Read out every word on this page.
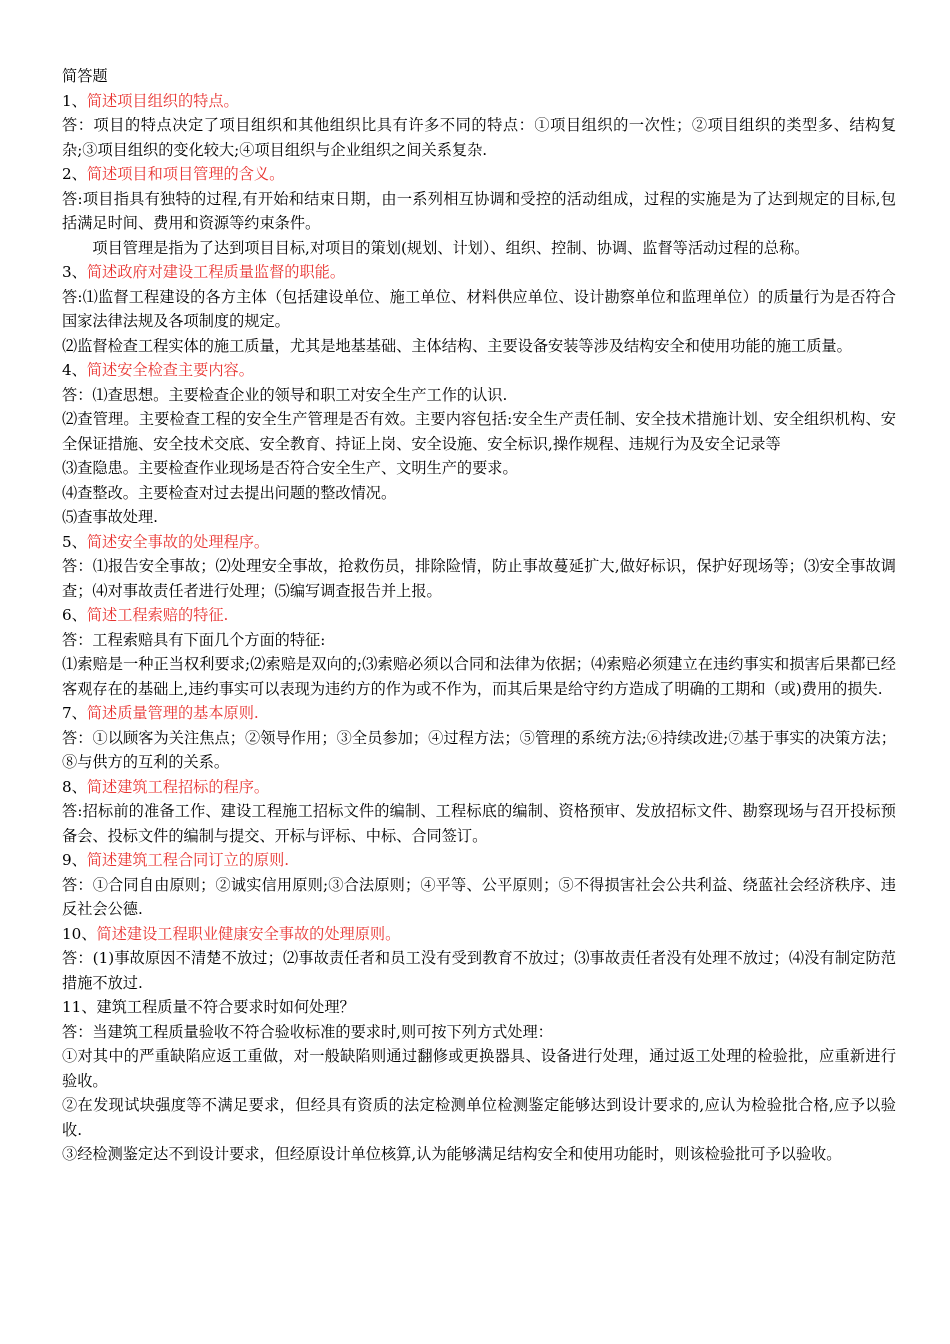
简答题

1、简述项目组织的特点。

答：项目的特点决定了项目组织和其他组织比具有许多不同的特点：①项目组织的一次性；②项目组织的类型多、结构复杂;③项目组织的变化较大;④项目组织与企业组织之间关系复杂.

2、简述项目和项目管理的含义。

答:项目指具有独特的过程,有开始和结束日期，由一系列相互协调和受控的活动组成，过程的实施是为了达到规定的目标,包括满足时间、费用和资源等约束条件。

项目管理是指为了达到项目目标,对项目的策划(规划、计划）、组织、控制、协调、监督等活动过程的总称。

3、简述政府对建设工程质量监督的职能。

答:⑴监督工程建设的各方主体（包括建设单位、施工单位、材料供应单位、设计勘察单位和监理单位）的质量行为是否符合国家法律法规及各项制度的规定。

⑵监督检查工程实体的施工质量，尤其是地基基础、主体结构、主要设备安装等涉及结构安全和使用功能的施工质量。

4、简述安全检查主要内容。

答：⑴查思想。主要检查企业的领导和职工对安全生产工作的认识.

⑵查管理。主要检查工程的安全生产管理是否有效。主要内容包括:安全生产责任制、安全技术措施计划、安全组织机构、安全保证措施、安全技术交底、安全教育、持证上岗、安全设施、安全标识,操作规程、违规行为及安全记录等

⑶查隐患。主要检查作业现场是否符合安全生产、文明生产的要求。

⑷查整改。主要检查对过去提出问题的整改情况。

⑸查事故处理.

5、简述安全事故的处理程序。

答：⑴报告安全事故；⑵处理安全事故，抢救伤员，排除险情，防止事故蔓延扩大,做好标识，保护好现场等；⑶安全事故调查；⑷对事故责任者进行处理；⑸编写调查报告并上报。

6、简述工程索赔的特征.

答：工程索赔具有下面几个方面的特征:

⑴索赔是一种正当权利要求;⑵索赔是双向的;⑶索赔必须以合同和法律为依据；⑷索赔必须建立在违约事实和损害后果都已经客观存在的基础上,违约事实可以表现为违约方的作为或不作为，而其后果是给守约方造成了明确的工期和（或)费用的损失.

7、简述质量管理的基本原则.

答：①以顾客为关注焦点；②领导作用；③全员参加；④过程方法；⑤管理的系统方法;⑥持续改进;⑦基于事实的决策方法；⑧与供方的互利的关系。

8、简述建筑工程招标的程序。

答:招标前的准备工作、建设工程施工招标文件的编制、工程标底的编制、资格预审、发放招标文件、勘察现场与召开投标预备会、投标文件的编制与提交、开标与评标、中标、合同签订。

9、简述建筑工程合同订立的原则.

答：①合同自由原则；②诚实信用原则;③合法原则；④平等、公平原则；⑤不得损害社会公共利益、绕蓝社会经济秩序、违反社会公德.

10、简述建设工程职业健康安全事故的处理原则。

答：(1)事故原因不清楚不放过；⑵事故责任者和员工没有受到教育不放过；⑶事故责任者没有处理不放过；⑷没有制定防范措施不放过.

11、建筑工程质量不符合要求时如何处理？

答：当建筑工程质量验收不符合验收标准的要求时,则可按下列方式处理：

①对其中的严重缺陷应返工重做，对一般缺陷则通过翻修或更换器具、设备进行处理，通过返工处理的检验批，应重新进行验收。

②在发现试块强度等不满足要求，但经具有资质的法定检测单位检测鉴定能够达到设计要求的,应认为检验批合格,应予以验收.

③经检测鉴定达不到设计要求，但经原设计单位核算,认为能够满足结构安全和使用功能时，则该检验批可予以验收。
